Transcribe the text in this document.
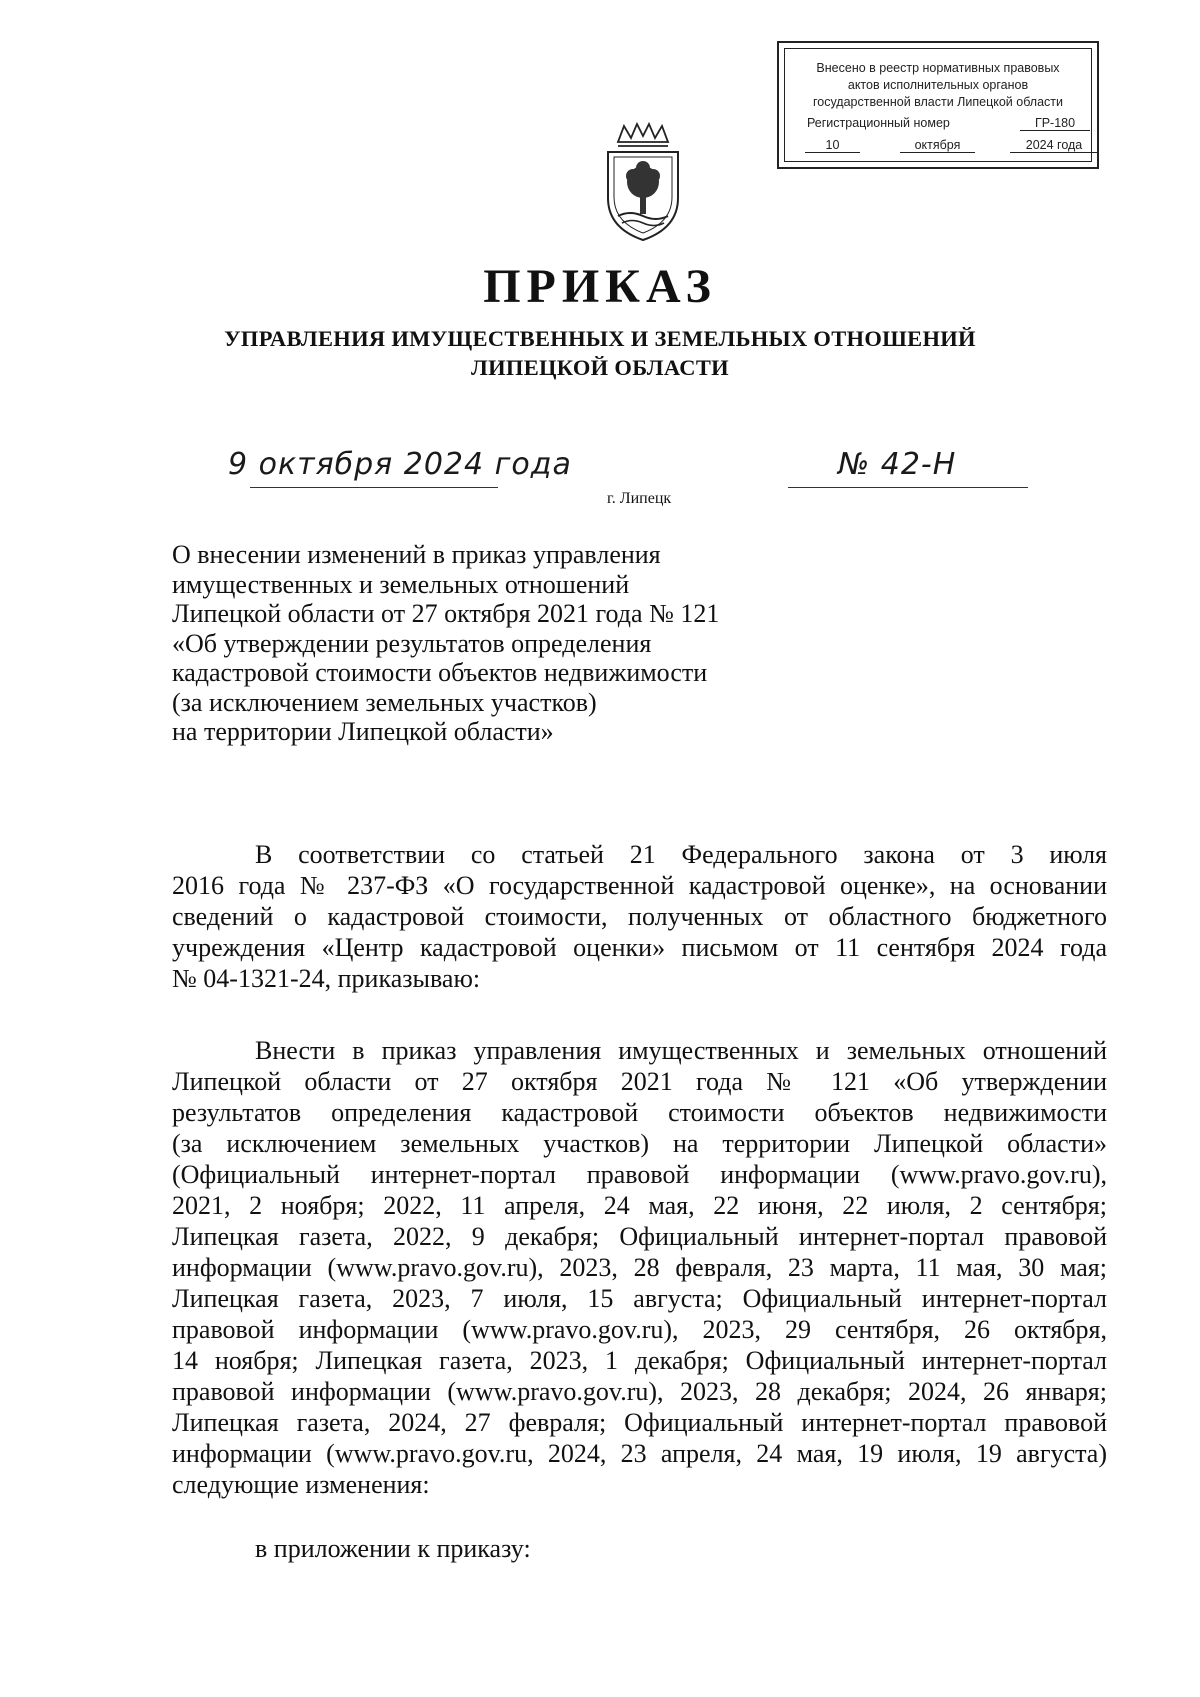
Внесено в реестр нормативных правовых
актов исполнительных органов
государственной власти Липецкой области
Регистрационный номер	ГР-180
10	октября	2024 года
ПРИКАЗ
УПРАВЛЕНИЯ ИМУЩЕСТВЕННЫХ И ЗЕМЕЛЬНЫХ ОТНОШЕНИЙ
ЛИПЕЦКОЙ ОБЛАСТИ
9 октября 2024 года	№ 42-Н
г. Липецк
О внесении изменений в приказ управления
имущественных и земельных отношений
Липецкой области от 27 октября 2021 года № 121
«Об утверждении результатов определения
кадастровой стоимости объектов недвижимости
(за исключением земельных участков)
на территории Липецкой области»
В соответствии со статьей 21 Федерального закона от 3 июля
2016 года № 237-ФЗ «О государственной кадастровой оценке», на основании
сведений о кадастровой стоимости, полученных от областного бюджетного
учреждения «Центр кадастровой оценки» письмом от 11 сентября 2024 года
№ 04-1321-24, приказываю:
Внести в приказ управления имущественных и земельных отношений
Липецкой области от 27 октября 2021 года № 121 «Об утверждении
результатов определения кадастровой стоимости объектов недвижимости
(за исключением земельных участков) на территории Липецкой области»
(Официальный интернет-портал правовой информации (www.pravo.gov.ru),
2021, 2 ноября; 2022, 11 апреля, 24 мая, 22 июня, 22 июля, 2 сентября;
Липецкая газета, 2022, 9 декабря; Официальный интернет-портал правовой
информации (www.pravo.gov.ru), 2023, 28 февраля, 23 марта, 11 мая, 30 мая;
Липецкая газета, 2023, 7 июля, 15 августа; Официальный интернет-портал
правовой информации (www.pravo.gov.ru), 2023, 29 сентября, 26 октября,
14 ноября; Липецкая газета, 2023, 1 декабря; Официальный интернет-портал
правовой информации (www.pravo.gov.ru), 2023, 28 декабря; 2024, 26 января;
Липецкая газета, 2024, 27 февраля; Официальный интернет-портал правовой
информации (www.pravo.gov.ru, 2024, 23 апреля, 24 мая, 19 июля, 19 августа)
следующие изменения:
в приложении к приказу:
